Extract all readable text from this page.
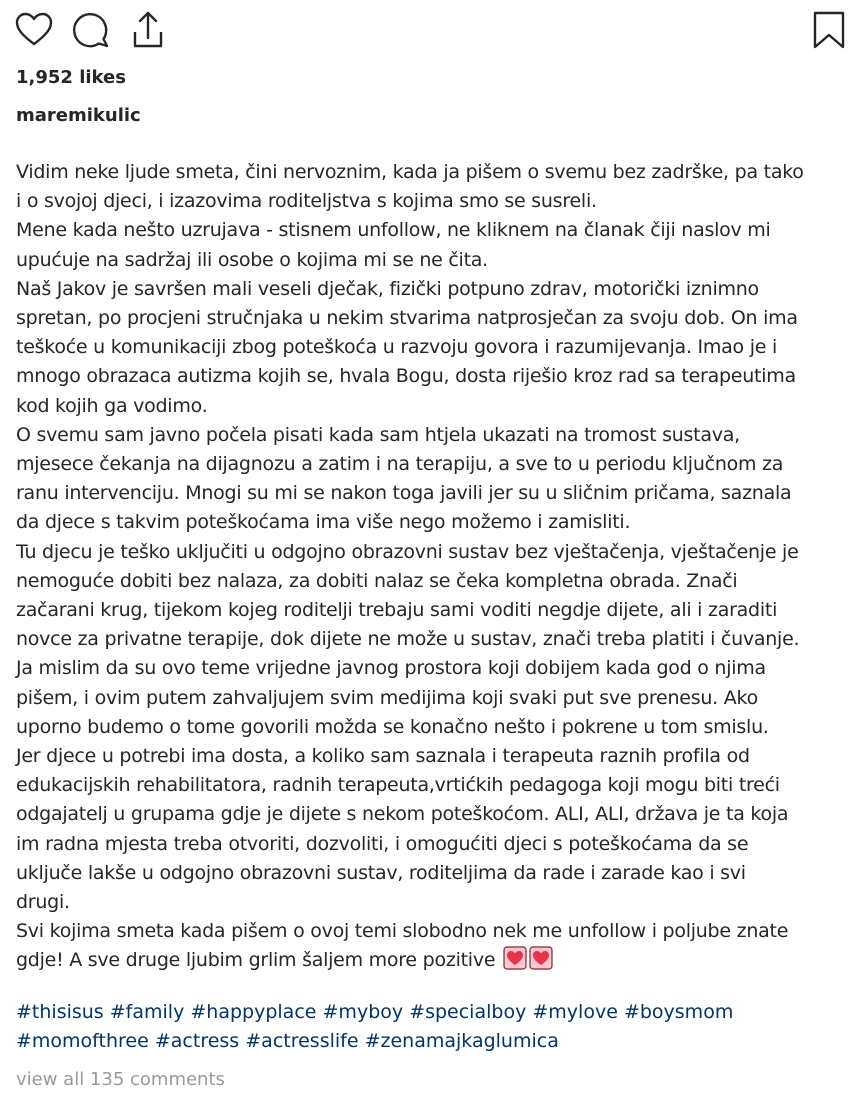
1,952 likes
maremikulic
Vidim neke ljude smeta, čini nervoznim, kada ja pišem o svemu bez zadrške, pa tako
i o svojoj djeci, i izazovima roditeljstva s kojima smo se susreli.
Mene kada nešto uzrujava - stisnem unfollow, ne kliknem na članak čiji naslov mi
upućuje na sadržaj ili osobe o kojima mi se ne čita.
Naš Jakov je savršen mali veseli dječak, fizički potpuno zdrav, motorički iznimno
spretan, po procjeni stručnjaka u nekim stvarima natprosječan za svoju dob. On ima
teškoće u komunikaciji zbog poteškoća u razvoju govora i razumijevanja. Imao je i
mnogo obrazaca autizma kojih se, hvala Bogu, dosta riješio kroz rad sa terapeutima
kod kojih ga vodimo.
O svemu sam javno počela pisati kada sam htjela ukazati na tromost sustava,
mjesece čekanja na dijagnozu a zatim i na terapiju, a sve to u periodu ključnom za
ranu intervenciju. Mnogi su mi se nakon toga javili jer su u sličnim pričama, saznala
da djece s takvim poteškoćama ima više nego možemo i zamisliti.
Tu djecu je teško uključiti u odgojno obrazovni sustav bez vještačenja, vještačenje je
nemoguće dobiti bez nalaza, za dobiti nalaz se čeka kompletna obrada. Znači
začarani krug, tijekom kojeg roditelji trebaju sami voditi negdje dijete, ali i zaraditi
novce za privatne terapije, dok dijete ne može u sustav, znači treba platiti i čuvanje.
Ja mislim da su ovo teme vrijedne javnog prostora koji dobijem kada god o njima
pišem, i ovim putem zahvaljujem svim medijima koji svaki put sve prenesu. Ako
uporno budemo o tome govorili možda se konačno nešto i pokrene u tom smislu.
Jer djece u potrebi ima dosta, a koliko sam saznala i terapeuta raznih profila od
edukacijskih rehabilitatora, radnih terapeuta,vrtićkih pedagoga koji mogu biti treći
odgajatelj u grupama gdje je dijete s nekom poteškoćom. ALI, ALI, država je ta koja
im radna mjesta treba otvoriti, dozvoliti, i omogućiti djeci s poteškoćama da se
uključe lakše u odgojno obrazovni sustav, roditeljima da rade i zarade kao i svi
drugi.
Svi kojima smeta kada pišem o ovoj temi slobodno nek me unfollow i poljube znate
gdje! A sve druge ljubim grlim šaljem more pozitive
#thisisus #family #happyplace #myboy #specialboy #mylove #boysmom
#momofthree #actress #actresslife #zenamajkaglumica
view all 135 comments
